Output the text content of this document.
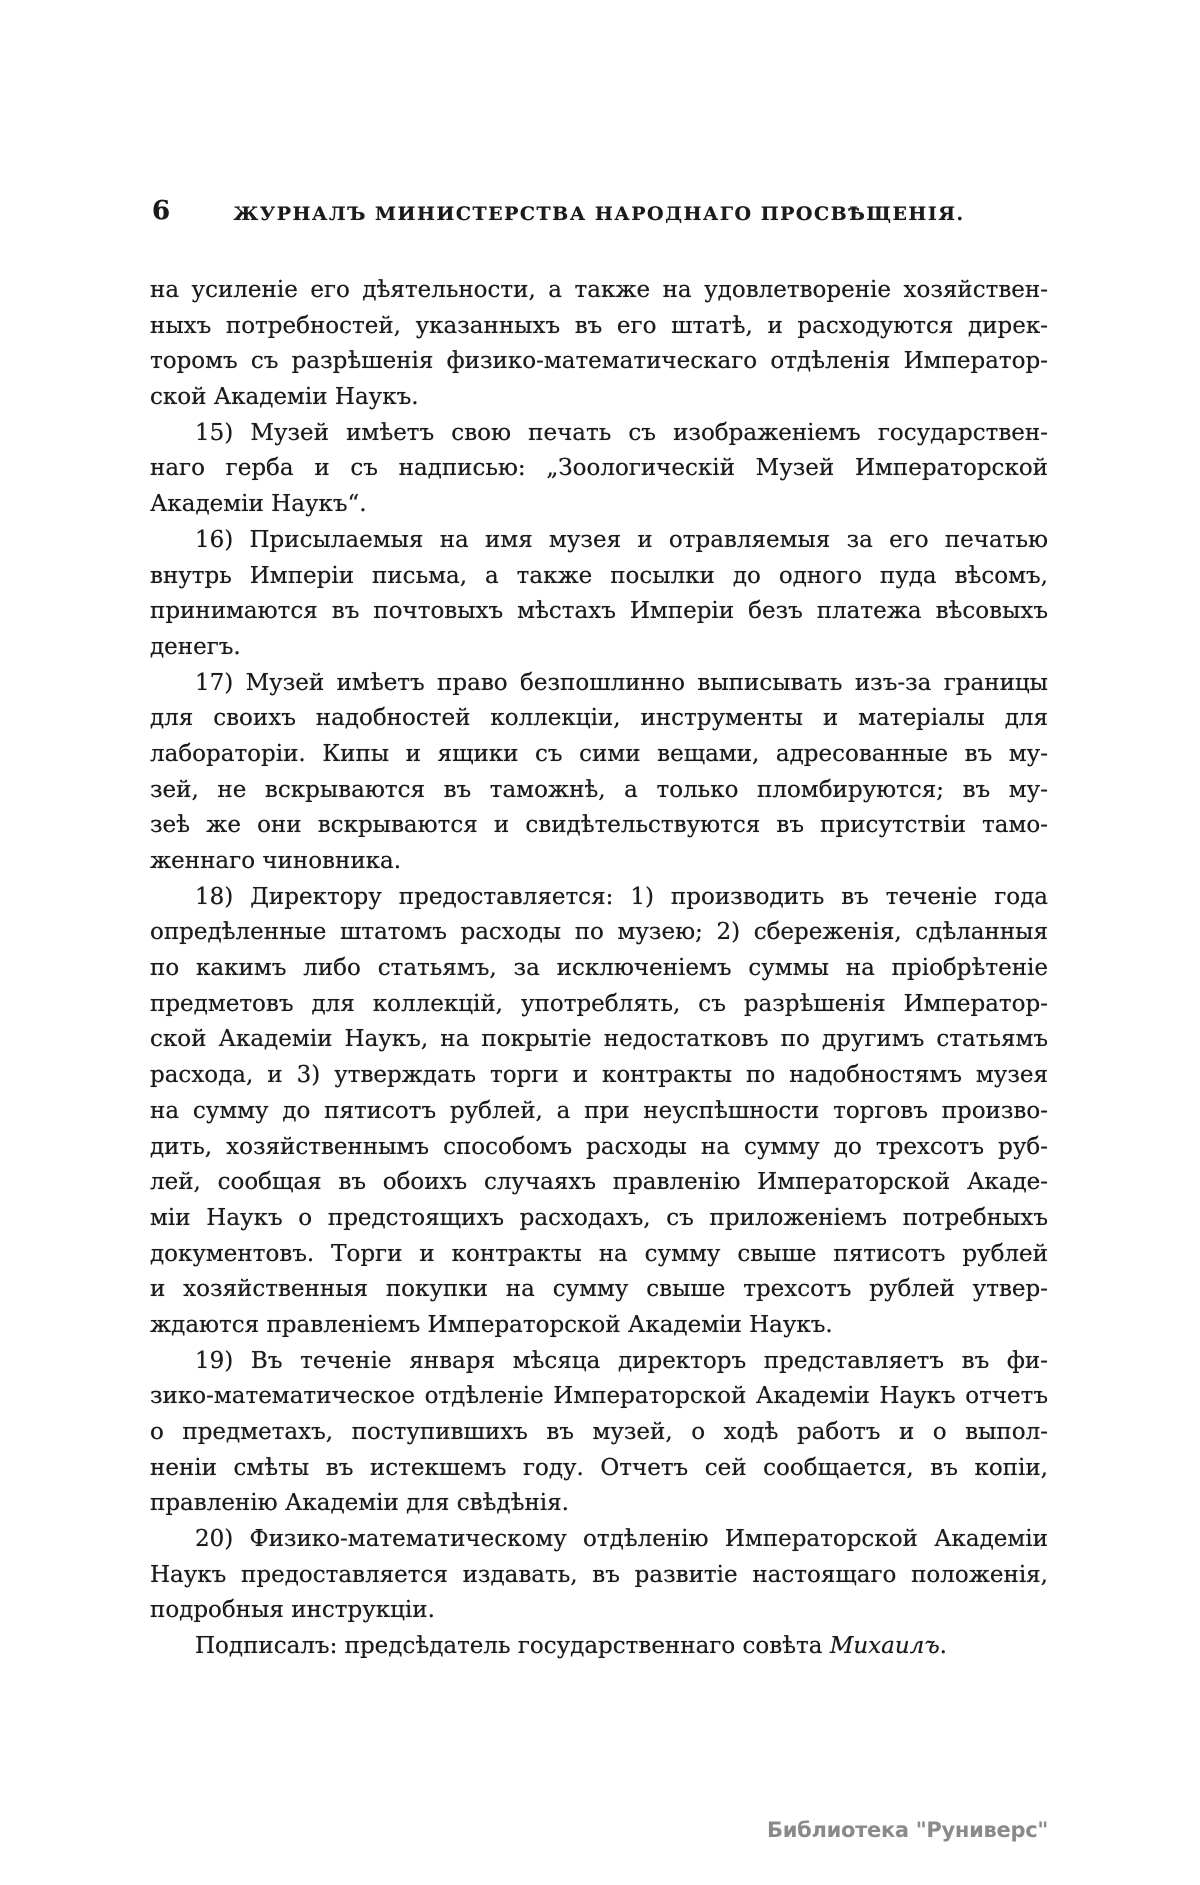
6	ЖУРНАЛЪ МИНИСТЕРСТВА НАРОДНАГО ПРОСВѢЩЕНІЯ.
на усиленіе его дѣятельности, а также на удовлетвореніе хозяйствен-
ныхъ потребностей, указанныхъ въ его штатѣ, и расходуются дирек-
торомъ съ разрѣшенія физико-математическаго отдѣленія Император-
ской Академіи Наукъ.
15) Музей имѣетъ свою печать съ изображеніемъ государствен-
наго герба и съ надписью: „Зоологическій Музей Императорской
Академіи Наукъ“.
16) Присылаемыя на имя музея и отравляемыя за его печатью
внутрь Имперіи письма, а также посылки до одного пуда вѣсомъ,
принимаются въ почтовыхъ мѣстахъ Имперіи безъ платежа вѣсовыхъ
денегъ.
17) Музей имѣетъ право безпошлинно выписывать изъ-за границы
для своихъ надобностей коллекціи, инструменты и матеріалы для
лабораторіи. Кипы и ящики съ сими вещами, адресованные въ му-
зей, не вскрываются въ таможнѣ, а только пломбируются; въ му-
зеѣ же они вскрываются и свидѣтельствуются въ присутствіи тамо-
женнаго чиновника.
18) Директору предоставляется: 1) производить въ теченіе года
опредѣленные штатомъ расходы по музею; 2) сбереженія, сдѣланныя
по какимъ либо статьямъ, за исключеніемъ суммы на пріобрѣтеніе
предметовъ для коллекцій, употреблять, съ разрѣшенія Император-
ской Академіи Наукъ, на покрытіе недостатковъ по другимъ статьямъ
расхода, и 3) утверждать торги и контракты по надобностямъ музея
на сумму до пятисотъ рублей, а при неуспѣшности торговъ произво-
дить, хозяйственнымъ способомъ расходы на сумму до трехсотъ руб-
лей, сообщая въ обоихъ случаяхъ правленію Императорской Акаде-
міи Наукъ о предстоящихъ расходахъ, съ приложеніемъ потребныхъ
документовъ. Торги и контракты на сумму свыше пятисотъ рублей
и хозяйственныя покупки на сумму свыше трехсотъ рублей утвер-
ждаются правленіемъ Императорской Академіи Наукъ.
19) Въ теченіе января мѣсяца директоръ представляетъ въ фи-
зико-математическое отдѣленіе Императорской Академіи Наукъ отчетъ
о предметахъ, поступившихъ въ музей, о ходѣ работъ и о выпол-
неніи смѣты въ истекшемъ году. Отчетъ сей сообщается, въ копіи,
правленію Академіи для свѣдѣнія.
20) Физико-математическому отдѣленію Императорской Академіи
Наукъ предоставляется издавать, въ развитіе настоящаго положенія,
подробныя инструкціи.
Подписалъ: предсѣдатель государственнаго совѣта Михаилъ.
Библиотека "Руниверс"
